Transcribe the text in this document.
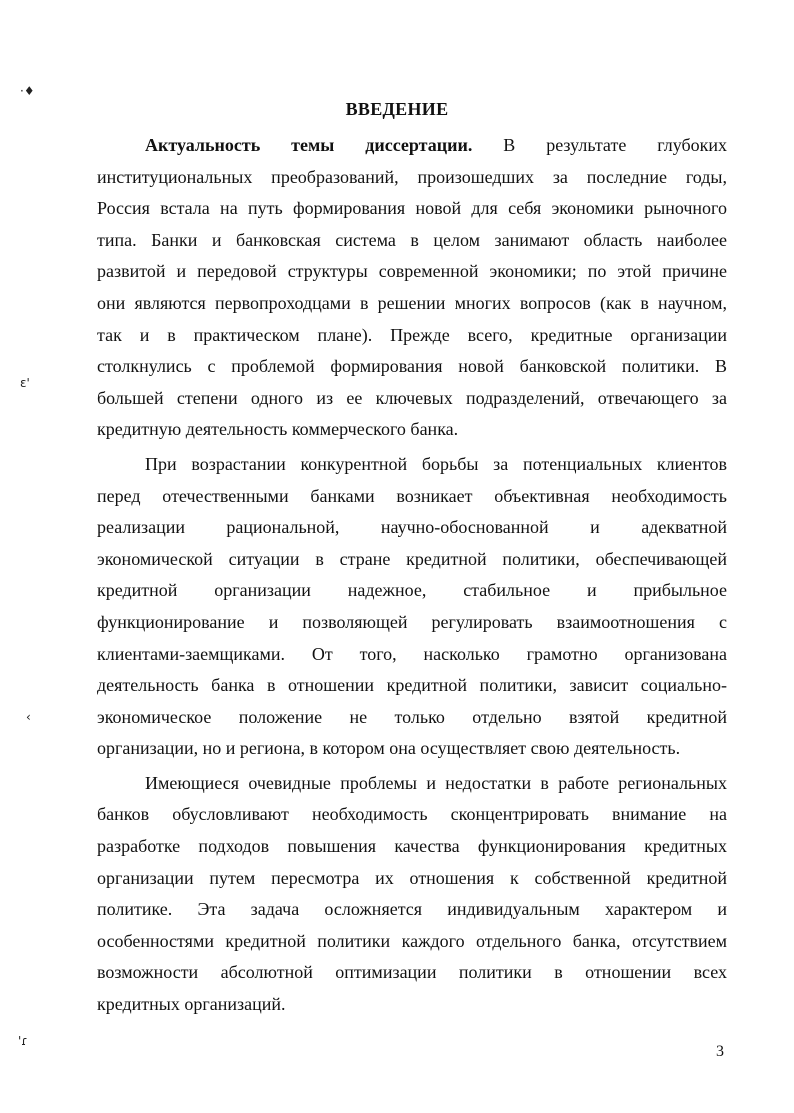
·♦
ɛ'
‹
'ɾ
ВВЕДЕНИЕ
Актуальность темы диссертации. В результате глубоких
институциональных преобразований, произошедших за последние годы,
Россия встала на путь формирования новой для себя экономики рыночного
типа. Банки и банковская система в целом занимают область наиболее
развитой и передовой структуры современной экономики; по этой причине
они являются первопроходцами в решении многих вопросов (как в научном,
так и в практическом плане). Прежде всего, кредитные организации
столкнулись с проблемой формирования новой банковской политики. В
большей степени одного из ее ключевых подразделений, отвечающего за
кредитную деятельность коммерческого банка.
При возрастании конкурентной борьбы за потенциальных клиентов
перед отечественными банками возникает объективная необходимость
реализации рациональной, научно-обоснованной и адекватной
экономической ситуации в стране кредитной политики, обеспечивающей
кредитной организации надежное, стабильное и прибыльное
функционирование и позволяющей регулировать взаимоотношения с
клиентами-заемщиками. От того, насколько грамотно организована
деятельность банка в отношении кредитной политики, зависит социально-
экономическое положение не только отдельно взятой кредитной
организации, но и региона, в котором она осуществляет свою деятельность.
Имеющиеся очевидные проблемы и недостатки в работе региональных
банков обусловливают необходимость сконцентрировать внимание на
разработке подходов повышения качества функционирования кредитных
организации путем пересмотра их отношения к собственной кредитной
политике. Эта задача осложняется индивидуальным характером и
особенностями кредитной политики каждого отдельного банка, отсутствием
возможности абсолютной оптимизации политики в отношении всех
кредитных организаций.
3
